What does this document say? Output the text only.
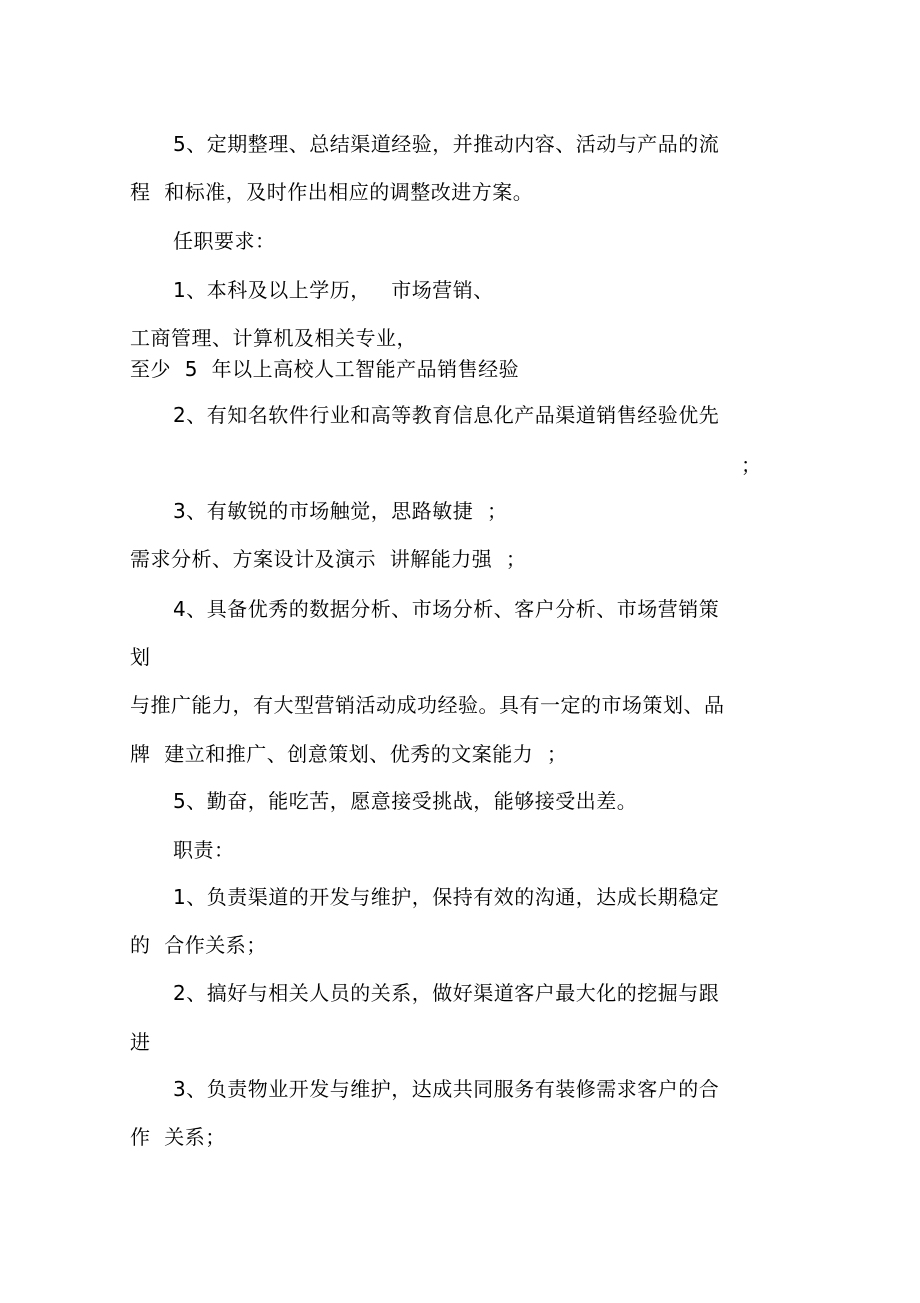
5、定期整理、总结渠道经验，并推动内容、活动与产品的流
程  和标准，及时作出相应的调整改进方案。
任职要求：
1、本科及以上学历，   市场营销、
工商管理、计算机及相关专业，
至少  5  年以上高校人工智能产品销售经验
2、有知名软件行业和高等教育信息化产品渠道销售经验优先
；
3、有敏锐的市场触觉，思路敏捷  ；
需求分析、方案设计及演示  讲解能力强  ；
4、具备优秀的数据分析、市场分析、客户分析、市场营销策
划
与推广能力，有大型营销活动成功经验。具有一定的市场策划、品
牌  建立和推广、创意策划、优秀的文案能力  ；
5、勤奋，能吃苦，愿意接受挑战，能够接受出差。
职责：
1、负责渠道的开发与维护，保持有效的沟通，达成长期稳定
的  合作关系；
2、搞好与相关人员的关系，做好渠道客户最大化的挖掘与跟
进
3、负责物业开发与维护，达成共同服务有装修需求客户的合
作  关系；
